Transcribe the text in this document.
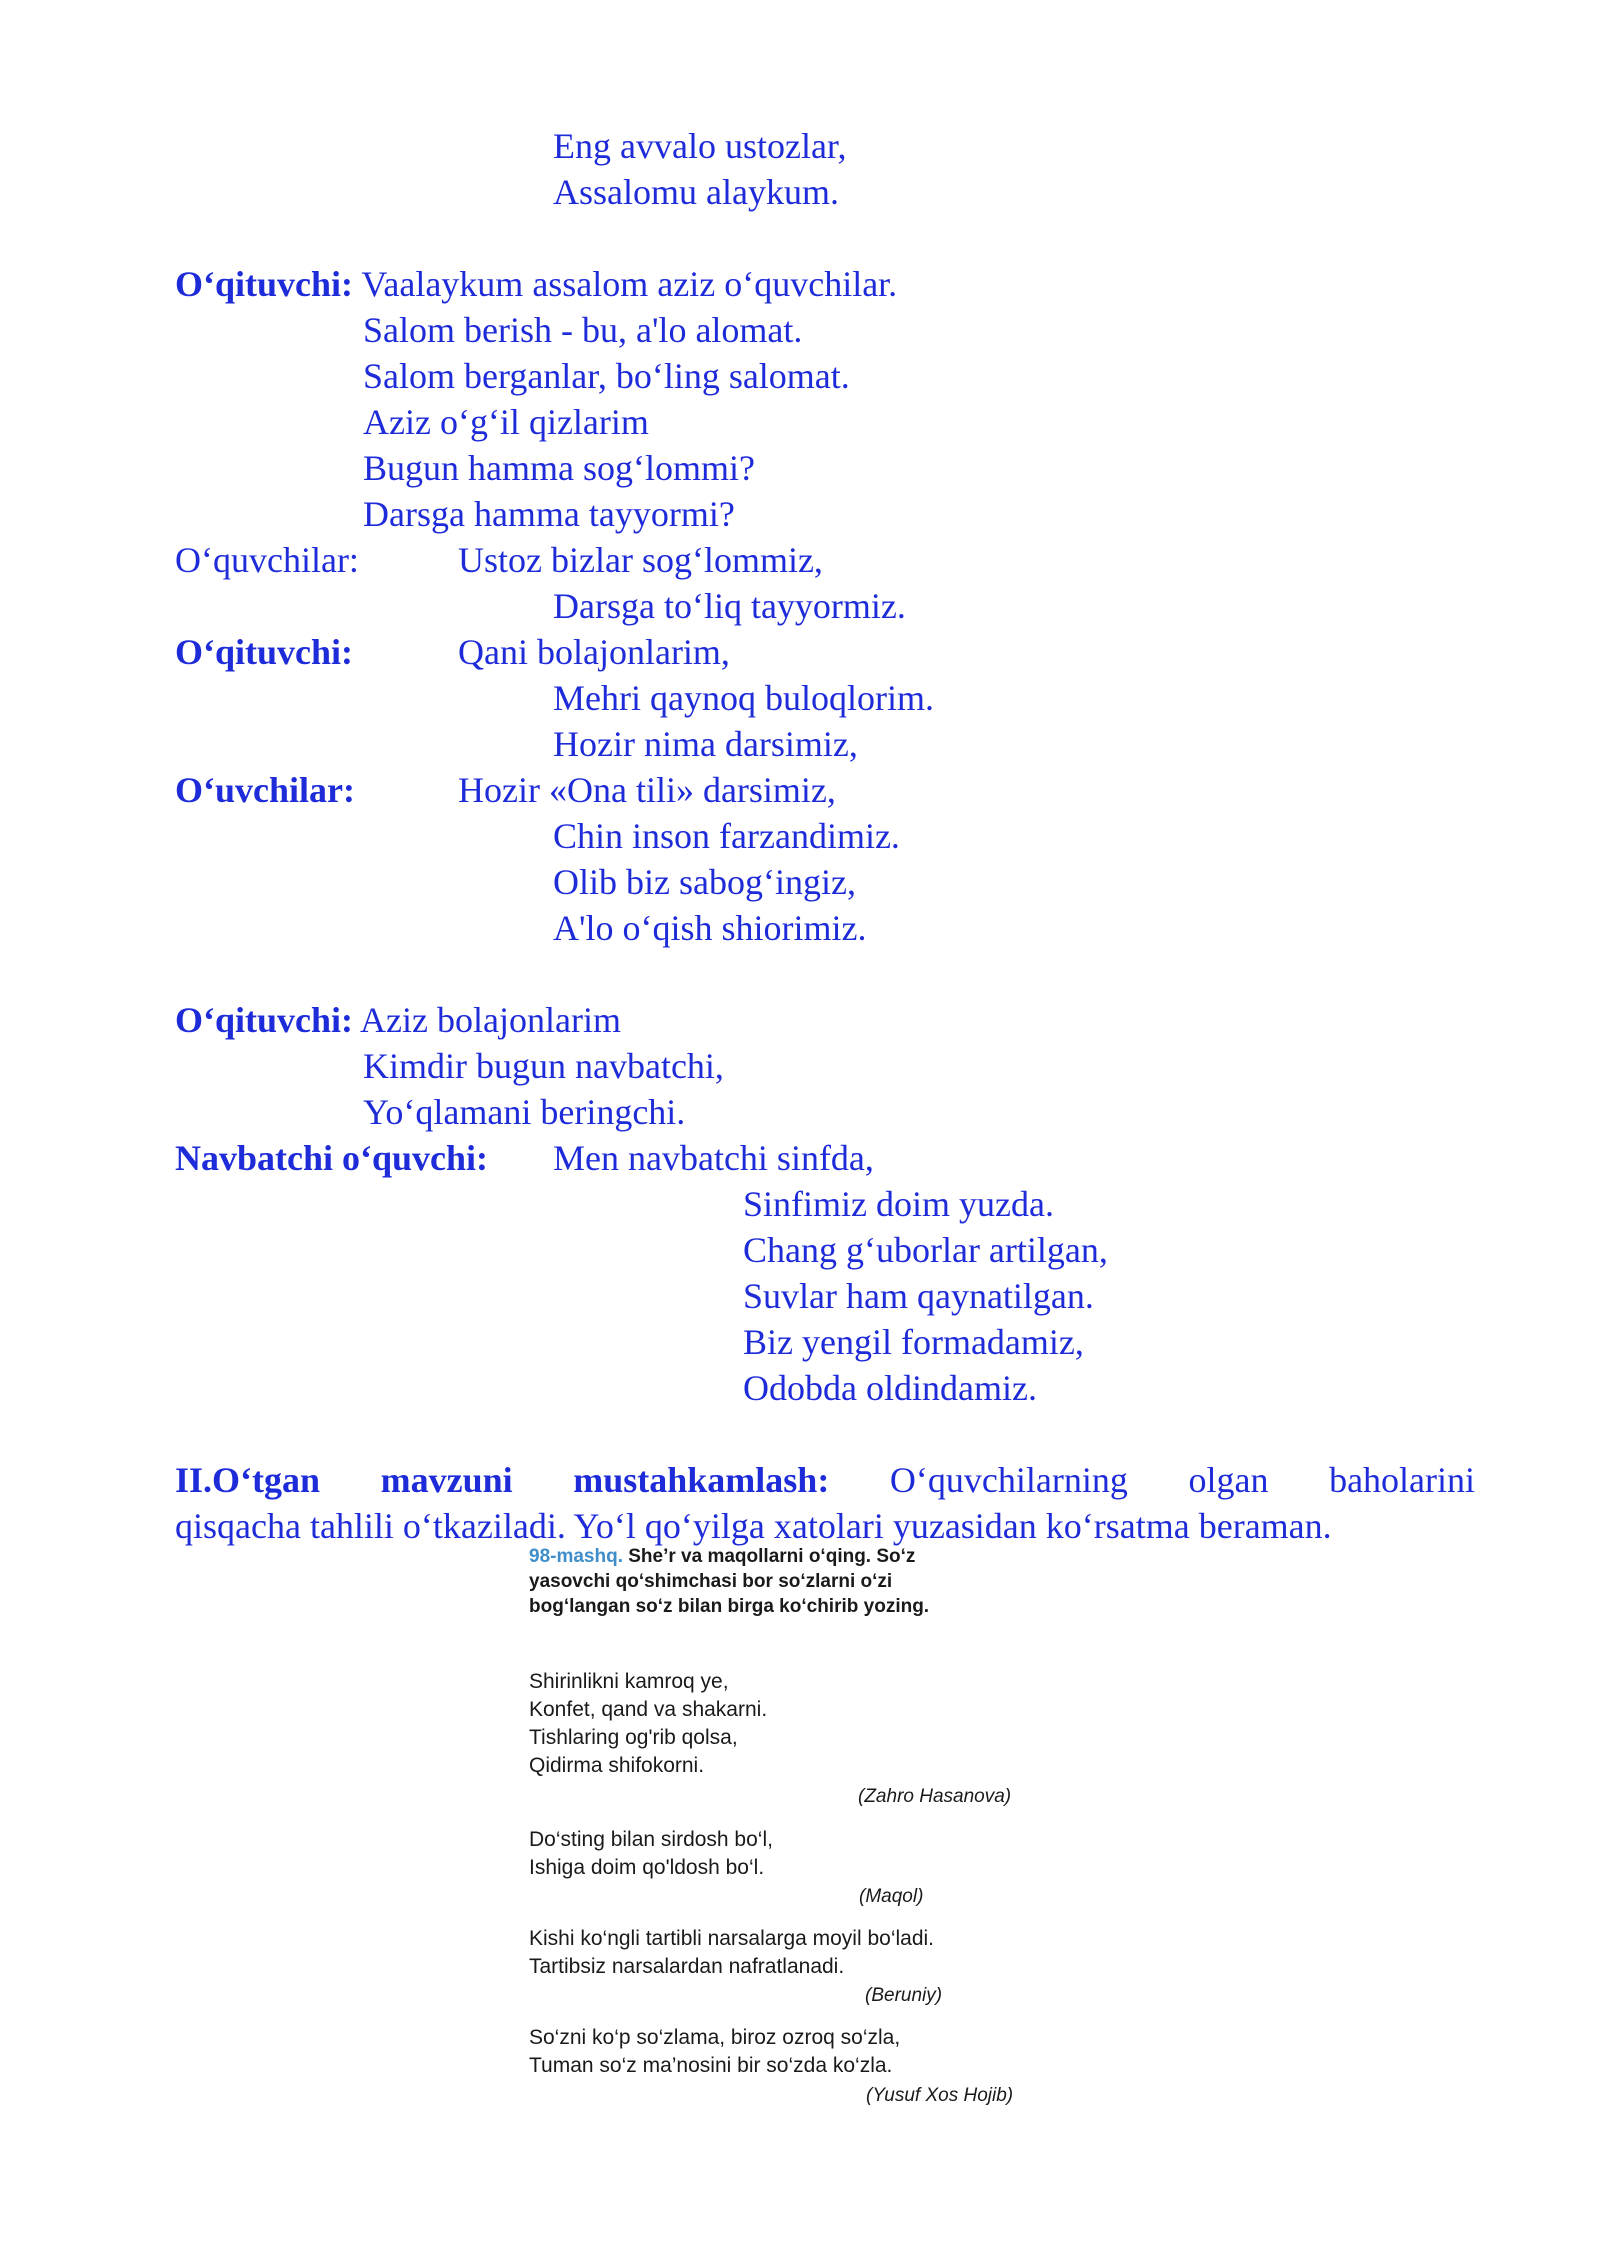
Eng avvalo ustozlar,
Assalomu alaykum.
O‘qituvchi: Vaalaykum assalom aziz o‘quvchilar.
Salom berish - bu, a'lo alomat.
Salom berganlar, bo‘ling salomat.
Aziz o‘g‘il qizlarim
Bugun hamma sog‘lommi?
Darsga hamma tayyormi?
O‘quvchilar:	Ustoz bizlar sog‘lommiz,
Darsga to‘liq tayyormiz.
O‘qituvchi:	Qani bolajonlarim,
Mehri qaynoq buloqlorim.
Hozir nima darsimiz,
O‘uvchilar:	Hozir «Ona tili» darsimiz,
Chin inson farzandimiz.
Olib biz sabog‘ingiz,
A'lo o‘qish shiorimiz.
O‘qituvchi: Aziz bolajonlarim
Kimdir bugun navbatchi,
Yo‘qlamani beringchi.
Navbatchi o‘quvchi: Men navbatchi sinfda,
Sinfimiz doim yuzda.
Chang g‘uborlar artilgan,
Suvlar ham qaynatilgan.
Biz yengil formadamiz,
Odobda oldindamiz.
II.O‘tgan mavzuni mustahkamlash: O‘quvchilarning olgan baholarini
qisqacha tahlili o‘tkaziladi. Yo‘l qo‘yilga xatolari yuzasidan ko‘rsatma beraman.
98-mashq. She’r va maqollarni o‘qing. So‘z
yasovchi qo‘shimchasi bor so‘zlarni o‘zi
bog‘langan so‘z bilan birga ko‘chirib yozing.
Shirinlikni kamroq ye,
Konfet, qand va shakarni.
Tishlaring og'rib qolsa,
Qidirma shifokorni.
(Zahro Hasanova)
Do‘sting bilan sirdosh bo‘l,
Ishiga doim qo'ldosh bo‘l.
(Maqol)
Kishi ko‘ngli tartibli narsalarga moyil bo‘ladi.
Tartibsiz narsalardan nafratlanadi.
(Beruniy)
So‘zni ko‘p so‘zlama, biroz ozroq so‘zla,
Tuman so‘z ma’nosini bir so‘zda ko‘zla.
(Yusuf Xos Hojib)
